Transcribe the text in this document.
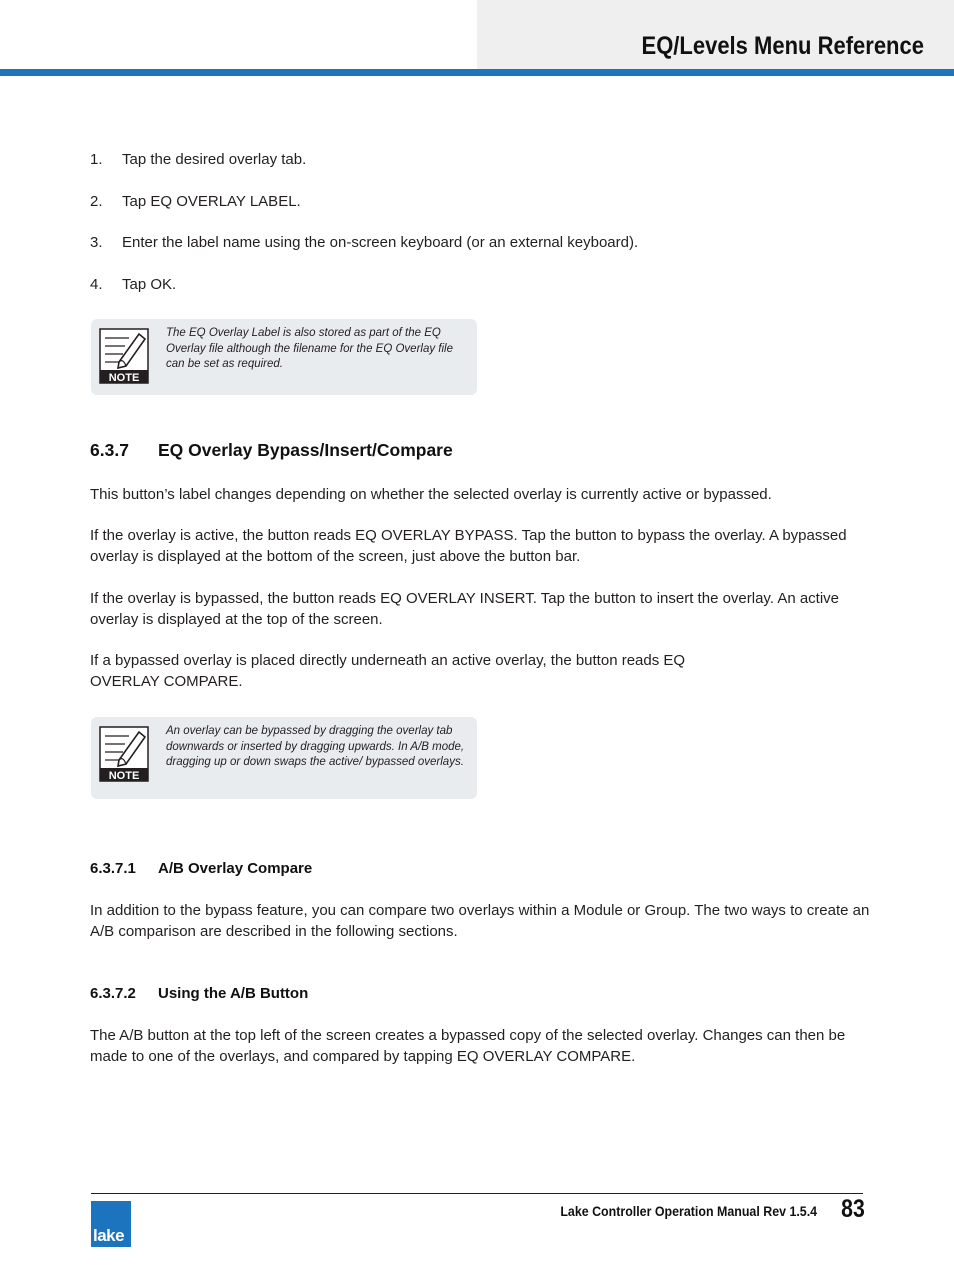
EQ/Levels Menu Reference
1.	Tap the desired overlay tab.
2.	Tap EQ OVERLAY LABEL.
3.	Enter the label name using the on-screen keyboard (or an external keyboard).
4.	Tap OK.
NOTE
The EQ Overlay Label is also stored as part of the EQ Overlay file although the filename for the EQ Overlay file can be set as required.
6.3.7 EQ Overlay Bypass/Insert/Compare

This button’s label changes depending on whether the selected overlay is currently active or bypassed.

If the overlay is active, the button reads EQ OVERLAY BYPASS. Tap the button to bypass the overlay. A bypassed overlay is displayed at the bottom of the screen, just above the button bar.

If the overlay is bypassed, the button reads EQ OVERLAY INSERT. Tap the button to insert the overlay. An active overlay is displayed at the top of the screen.

If a bypassed overlay is placed directly underneath an active overlay, the button reads EQ OVERLAY COMPARE.

NOTE
An overlay can be bypassed by dragging the overlay tab downwards or inserted by dragging upwards. In A/B mode, dragging up or down swaps the active/ bypassed overlays.
6.3.7.1 A/B Overlay Compare

In addition to the bypass feature, you can compare two overlays within a Module or Group. The two ways to create an A/B comparison are described in the following sections.

6.3.7.2 Using the A/B Button

The A/B button at the top left of the screen creates a bypassed copy of the selected overlay. Changes can then be made to one of the overlays, and compared by tapping EQ OVERLAY COMPARE.

lake
Lake Controller Operation Manual Rev 1.5.4 83
